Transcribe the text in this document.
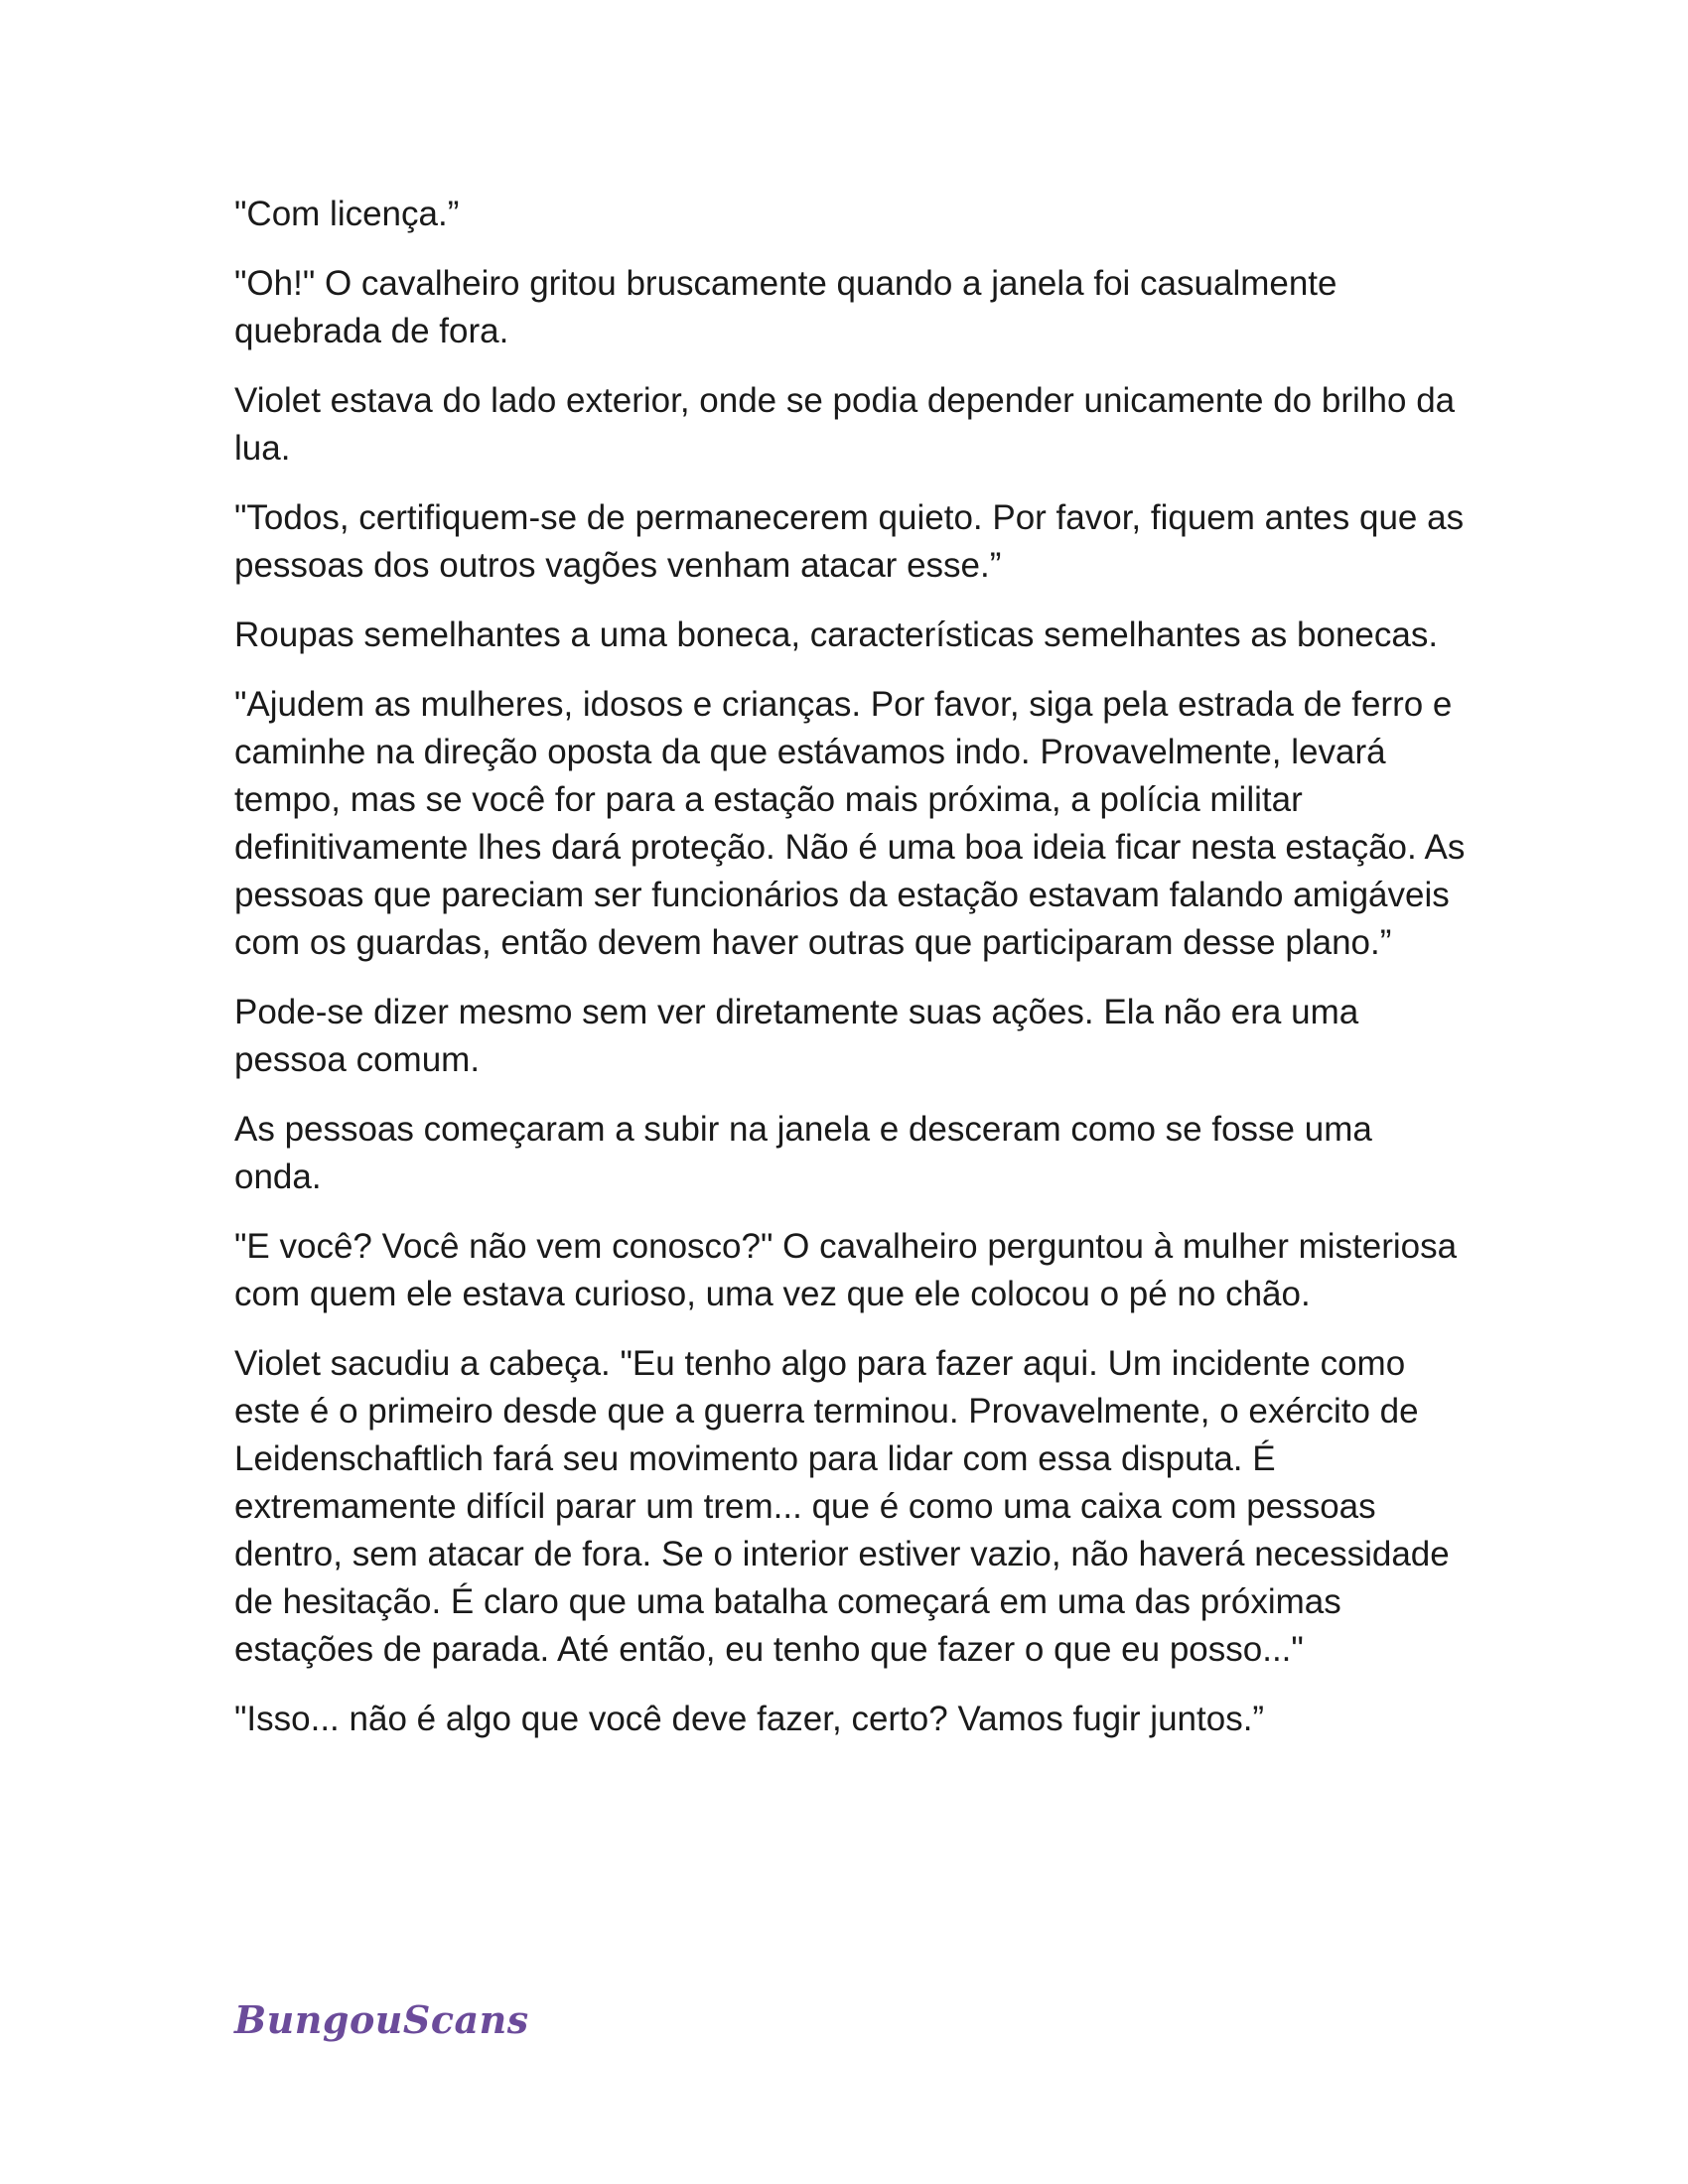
"Com licença.”

"Oh!" O cavalheiro gritou bruscamente quando a janela foi casualmente quebrada de fora.

Violet estava do lado exterior, onde se podia depender unicamente do brilho da lua.

"Todos, certifiquem-se de permanecerem quieto. Por favor, fiquem antes que as pessoas dos outros vagões venham atacar esse.”

Roupas semelhantes a uma boneca, características semelhantes as bonecas.

"Ajudem as mulheres, idosos e crianças. Por favor, siga pela estrada de ferro e caminhe na direção oposta da que estávamos indo. Provavelmente, levará tempo, mas se você for para a estação mais próxima, a polícia militar definitivamente lhes dará proteção. Não é uma boa ideia ficar nesta estação. As pessoas que pareciam ser funcionários da estação estavam falando amigáveis com os guardas, então devem haver outras que participaram desse plano.”

Pode-se dizer mesmo sem ver diretamente suas ações. Ela não era uma pessoa comum.

As pessoas começaram a subir na janela e desceram como se fosse uma onda.

"E você? Você não vem conosco?" O cavalheiro perguntou à mulher misteriosa com quem ele estava curioso, uma vez que ele colocou o pé no chão.

Violet sacudiu a cabeça. "Eu tenho algo para fazer aqui. Um incidente como este é o primeiro desde que a guerra terminou. Provavelmente, o exército de Leidenschaftlich fará seu movimento para lidar com essa disputa. É extremamente difícil parar um trem... que é como uma caixa com pessoas dentro, sem atacar de fora. Se o interior estiver vazio, não haverá necessidade de hesitação. É claro que uma batalha começará em uma das próximas estações de parada. Até então, eu tenho que fazer o que eu posso..."

"Isso... não é algo que você deve fazer, certo? Vamos fugir juntos.”

BungouScans
